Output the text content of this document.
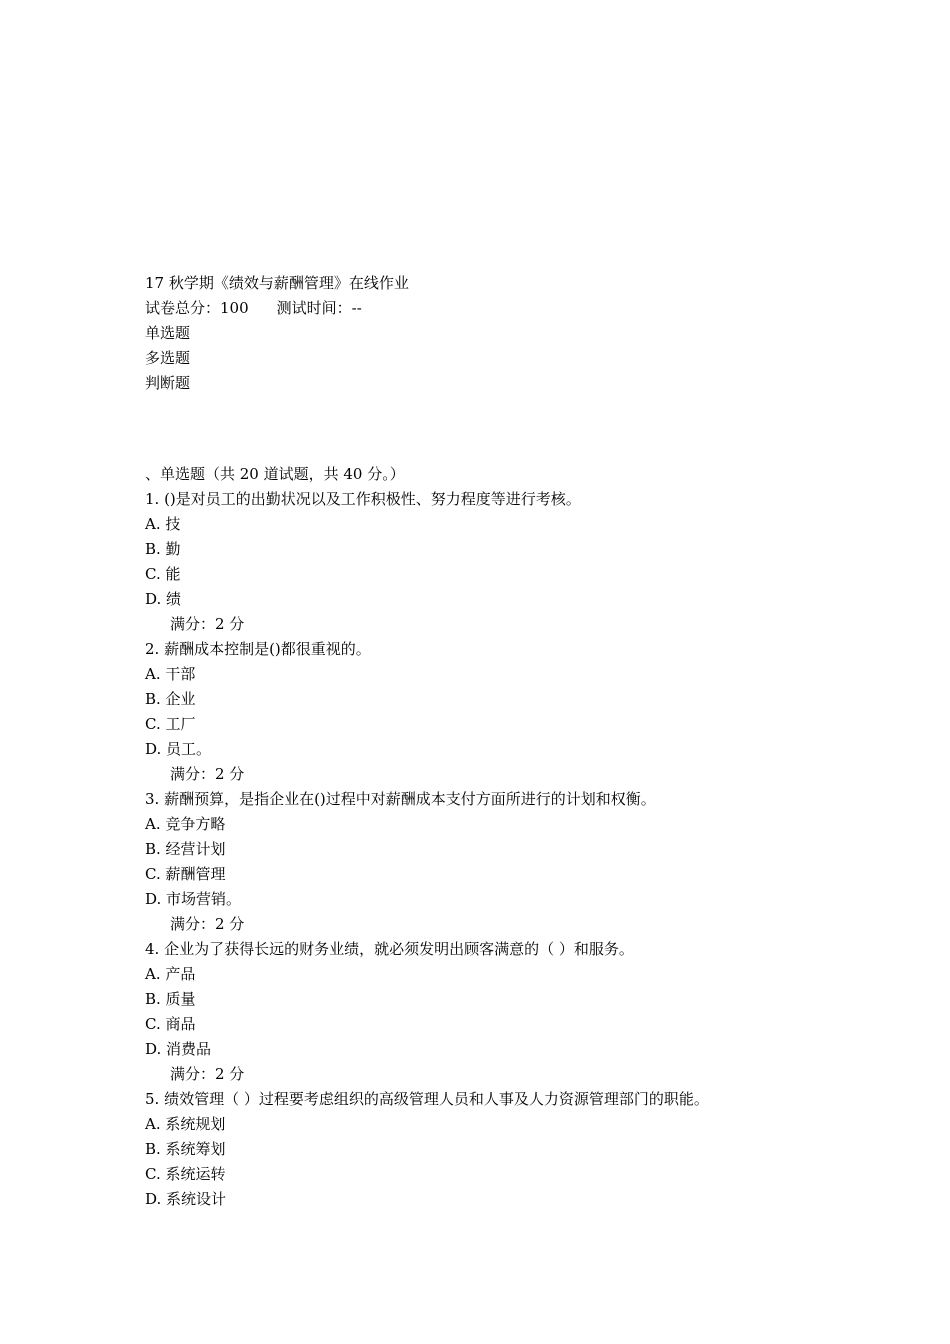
17 秋学期《绩效与薪酬管理》在线作业
试卷总分：100 测试时间：--
单选题
多选题
判断题
、单选题（共 20 道试题，共 40 分。）
1. ()是对员工的出勤状况以及工作积极性、努力程度等进行考核。
A. 技
B. 勤
C. 能
D. 绩
满分：2 分
2. 薪酬成本控制是()都很重视的。
A. 干部
B. 企业
C. 工厂
D. 员工。
满分：2 分
3. 薪酬预算，是指企业在()过程中对薪酬成本支付方面所进行的计划和权衡。
A. 竞争方略
B. 经营计划
C. 薪酬管理
D. 市场营销。
满分：2 分
4. 企业为了获得长远的财务业绩，就必须发明出顾客满意的（ ）和服务。
A. 产品
B. 质量
C. 商品
D. 消费品
满分：2 分
5. 绩效管理（ ）过程要考虑组织的高级管理人员和人事及人力资源管理部门的职能。
A. 系统规划
B. 系统筹划
C. 系统运转
D. 系统设计
